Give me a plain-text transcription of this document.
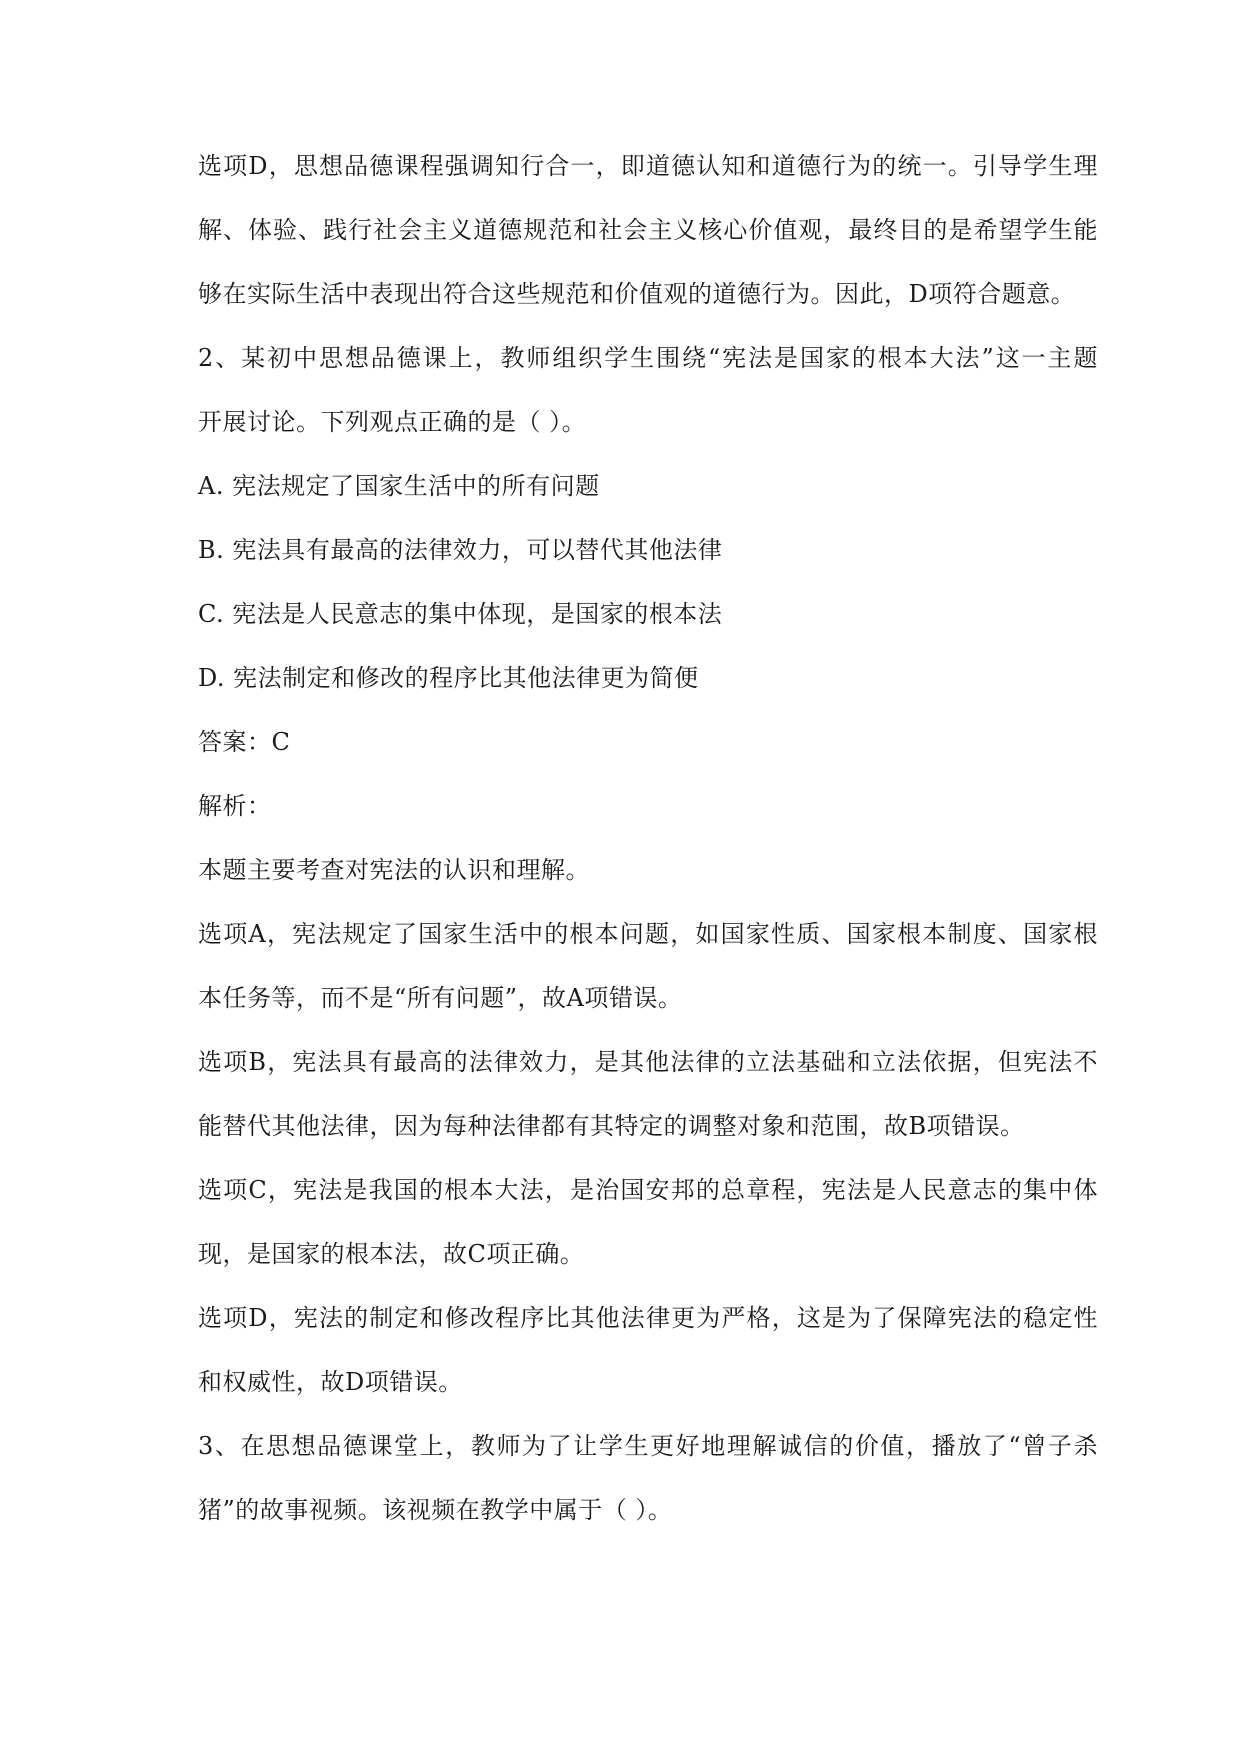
选项D，思想品德课程强调知行合一，即道德认知和道德行为的统一。引导学生理
解、体验、践行社会主义道德规范和社会主义核心价值观，最终目的是希望学生能
够在实际生活中表现出符合这些规范和价值观的道德行为。因此，D项符合题意。
2、某初中思想品德课上，教师组织学生围绕“宪法是国家的根本大法”这一主题
开展讨论。下列观点正确的是（ ）。
A. 宪法规定了国家生活中的所有问题
B. 宪法具有最高的法律效力，可以替代其他法律
C. 宪法是人民意志的集中体现，是国家的根本法
D. 宪法制定和修改的程序比其他法律更为简便
答案：C
解析：
本题主要考查对宪法的认识和理解。
选项A，宪法规定了国家生活中的根本问题，如国家性质、国家根本制度、国家根
本任务等，而不是“所有问题”，故A项错误。
选项B，宪法具有最高的法律效力，是其他法律的立法基础和立法依据，但宪法不
能替代其他法律，因为每种法律都有其特定的调整对象和范围，故B项错误。
选项C，宪法是我国的根本大法，是治国安邦的总章程，宪法是人民意志的集中体
现，是国家的根本法，故C项正确。
选项D，宪法的制定和修改程序比其他法律更为严格，这是为了保障宪法的稳定性
和权威性，故D项错误。
3、在思想品德课堂上，教师为了让学生更好地理解诚信的价值，播放了“曾子杀
猪”的故事视频。该视频在教学中属于（ ）。
